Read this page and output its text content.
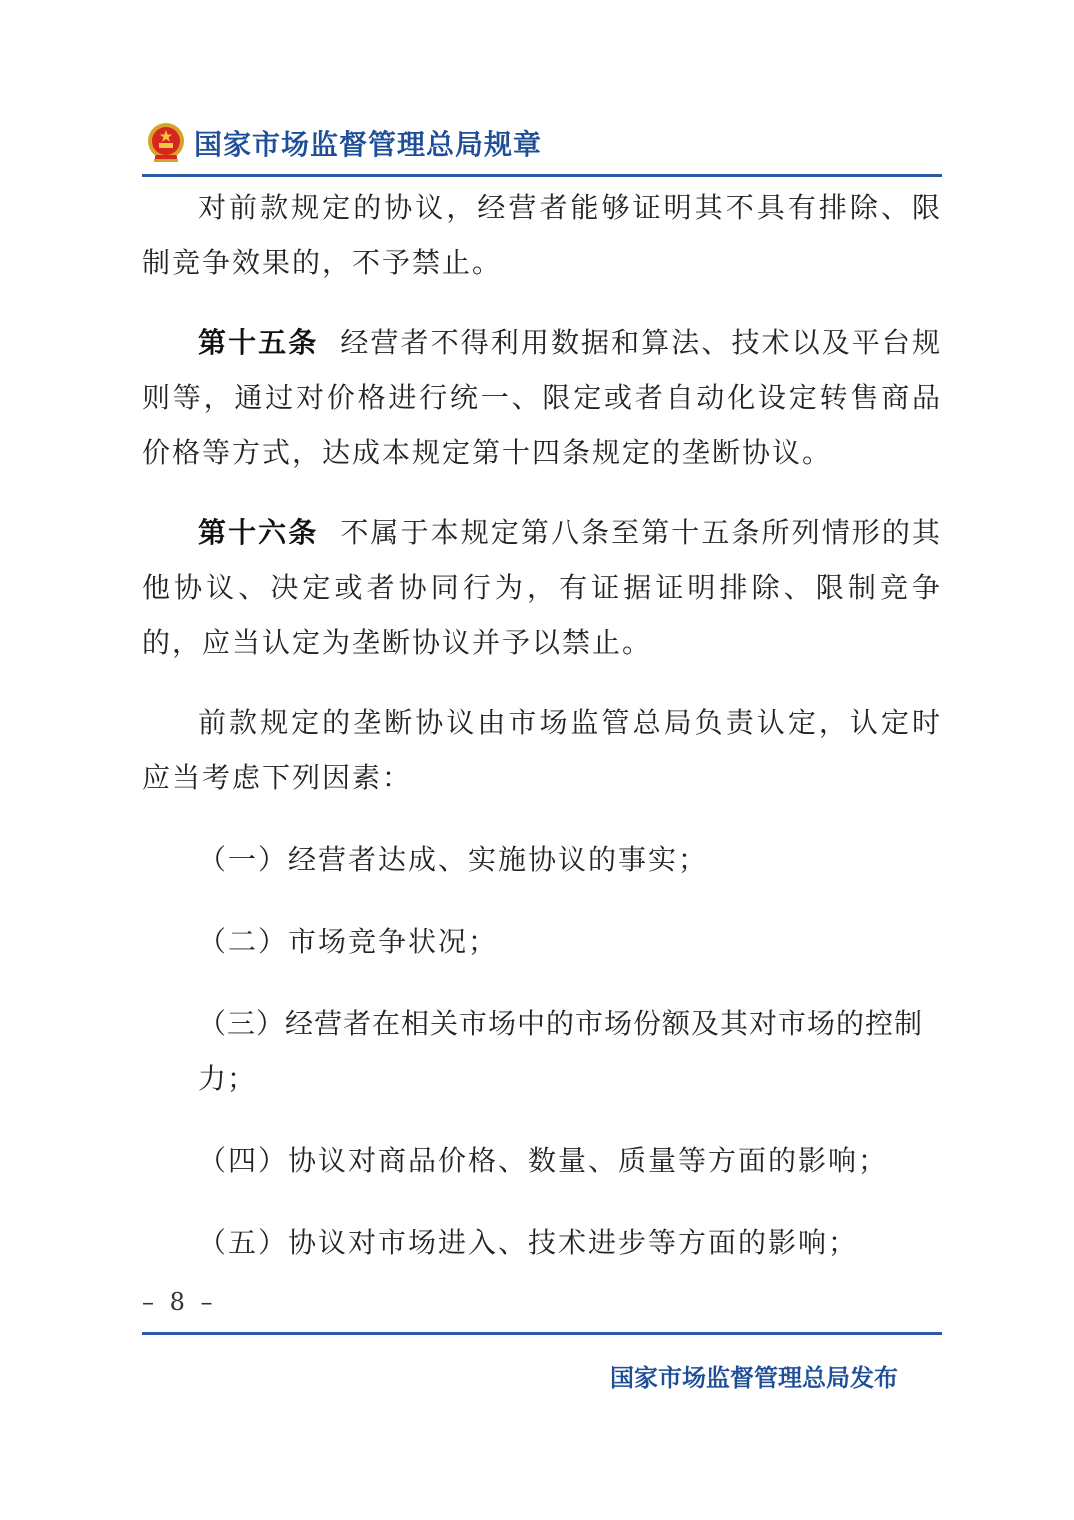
国家市场监督管理总局规章

对前款规定的协议，经营者能够证明其不具有排除、限制竞争效果的，不予禁止。

第十五条 经营者不得利用数据和算法、技术以及平台规则等，通过对价格进行统一、限定或者自动化设定转售商品价格等方式，达成本规定第十四条规定的垄断协议。

第十六条 不属于本规定第八条至第十五条所列情形的其他协议、决定或者协同行为，有证据证明排除、限制竞争的，应当认定为垄断协议并予以禁止。

前款规定的垄断协议由市场监管总局负责认定，认定时应当考虑下列因素：

（一）经营者达成、实施协议的事实；

（二）市场竞争状况；

（三）经营者在相关市场中的市场份额及其对市场的控制力；

（四）协议对商品价格、数量、质量等方面的影响；

（五）协议对市场进入、技术进步等方面的影响；

– 8 –
国家市场监督管理总局发布
